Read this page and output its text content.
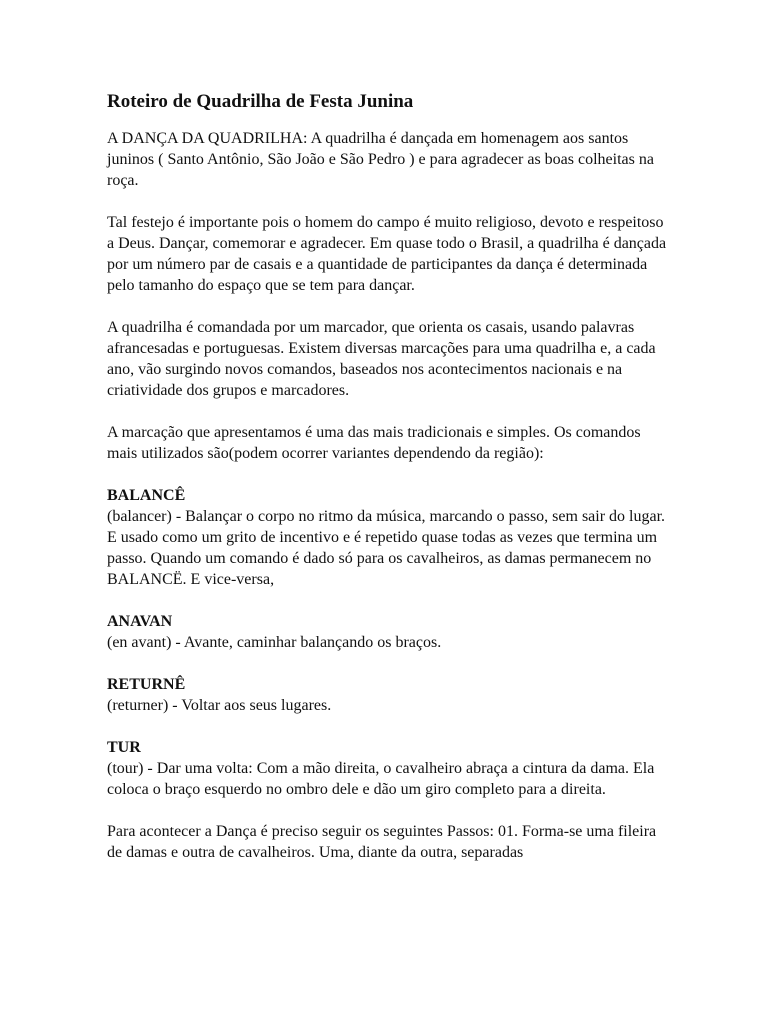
Roteiro de Quadrilha de Festa Junina
A DANÇA DA QUADRILHA: A quadrilha é dançada em homenagem aos santos juninos ( Santo Antônio, São João e São Pedro ) e para agradecer as boas colheitas na roça.
Tal festejo é importante pois o homem do campo é muito religioso, devoto e respeitoso a Deus. Dançar, comemorar e agradecer. Em quase todo o Brasil, a quadrilha é dançada por um número par de casais e a quantidade de participantes da dança é determinada pelo tamanho do espaço que se tem para dançar.
A quadrilha é comandada por um marcador, que orienta os casais, usando palavras afrancesadas e portuguesas. Existem diversas marcações para uma quadrilha e, a cada ano, vão surgindo novos comandos, baseados nos acontecimentos nacionais e na criatividade dos grupos e marcadores.
A marcação que apresentamos é uma das mais tradicionais e simples. Os comandos mais utilizados são(podem ocorrer variantes dependendo da região):
BALANCÊ
(balancer) - Balançar o corpo no ritmo da música, marcando o passo, sem sair do lugar. E usado como um grito de incentivo e é repetido quase todas as vezes que termina um passo. Quando um comando é dado só para os cavalheiros, as damas permanecem no BALANCË. E vice-versa,
ANAVAN
(en avant) - Avante, caminhar balançando os braços.
RETURNÊ
(returner) - Voltar aos seus lugares.
TUR
(tour) - Dar uma volta: Com a mão direita, o cavalheiro abraça a cintura da dama. Ela coloca o braço esquerdo no ombro dele e dão um giro completo para a direita.
Para acontecer a Dança é preciso seguir os seguintes Passos: 01. Forma-se uma fileira de damas e outra de cavalheiros. Uma, diante da outra, separadas
